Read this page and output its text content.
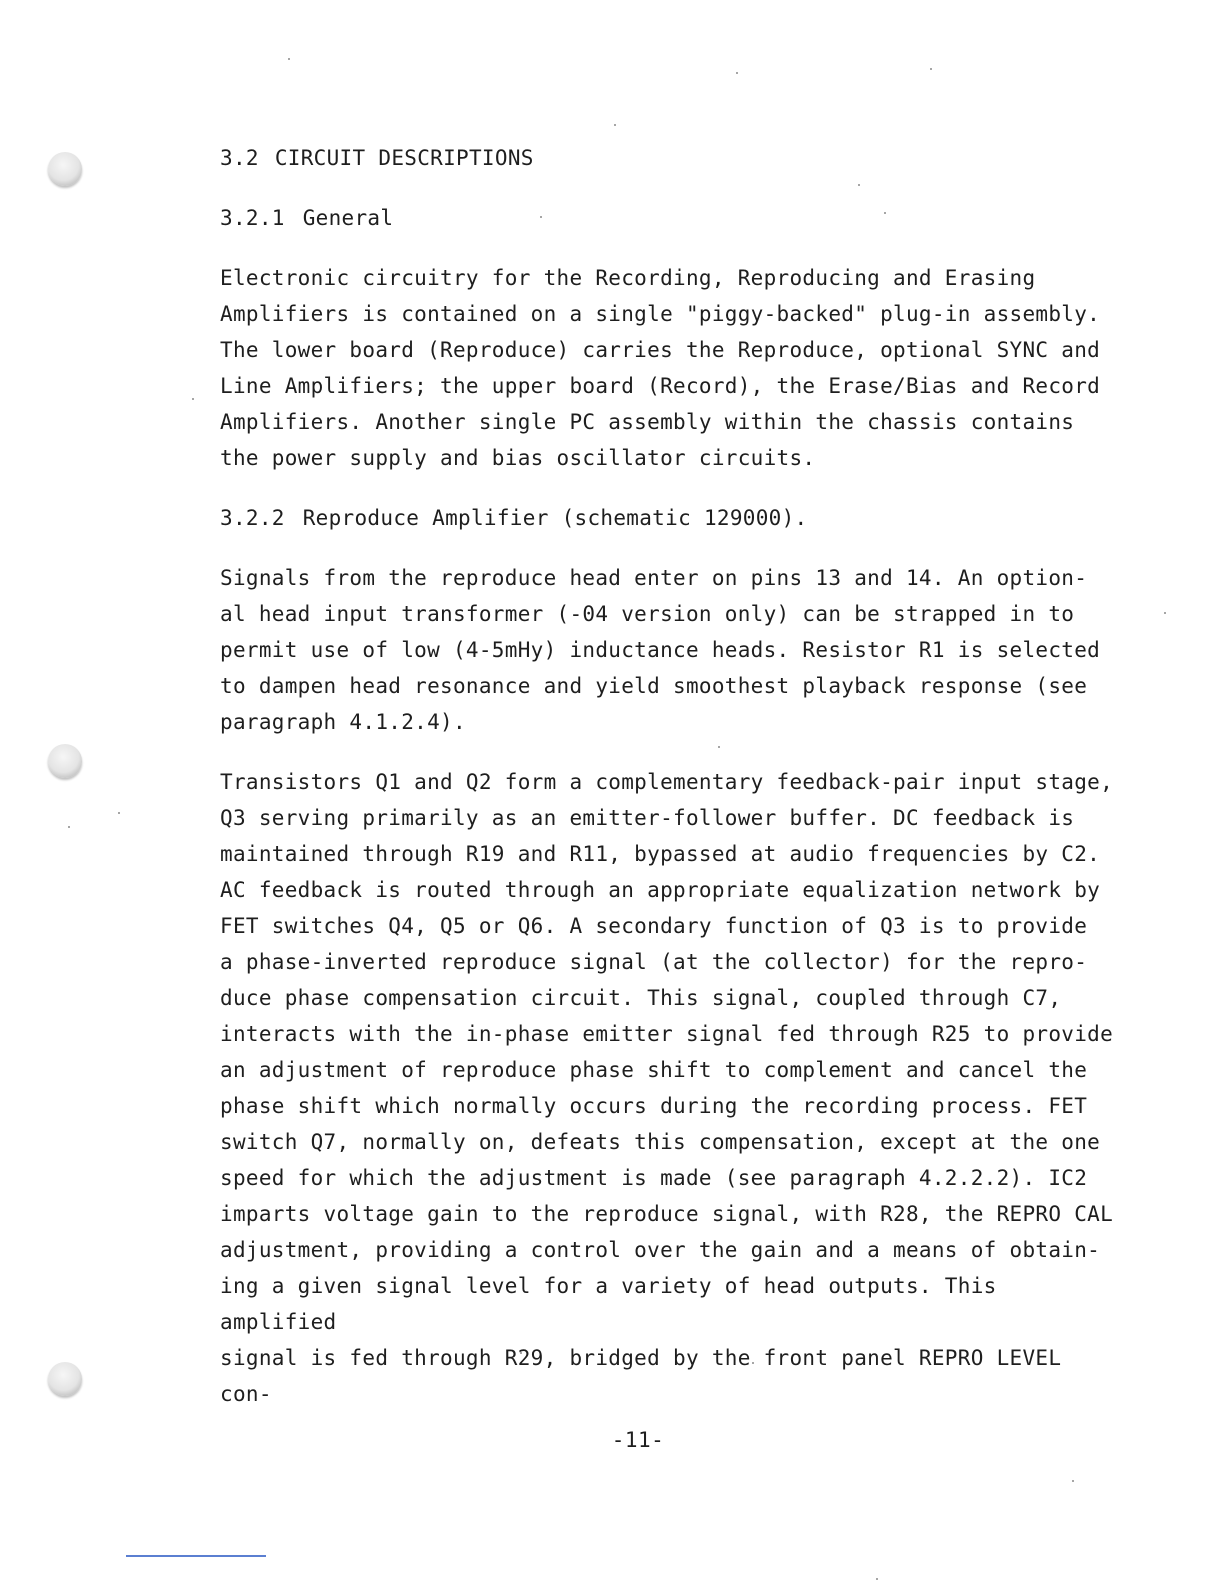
3.2 CIRCUIT DESCRIPTIONS

3.2.1 General

Electronic circuitry for the Recording, Reproducing and Erasing
Amplifiers is contained on a single "piggy-backed" plug-in assembly.
The lower board (Reproduce) carries the Reproduce, optional SYNC and
Line Amplifiers; the upper board (Record), the Erase/Bias and Record
Amplifiers. Another single PC assembly within the chassis contains
the power supply and bias oscillator circuits.

3.2.2 Reproduce Amplifier (schematic 129000).

Signals from the reproduce head enter on pins 13 and 14. An option-
al head input transformer (-04 version only) can be strapped in to
permit use of low (4-5mHy) inductance heads. Resistor R1 is selected
to dampen head resonance and yield smoothest playback response (see
paragraph 4.1.2.4).

Transistors Q1 and Q2 form a complementary feedback-pair input stage,
Q3 serving primarily as an emitter-follower buffer. DC feedback is
maintained through R19 and R11, bypassed at audio frequencies by C2.
AC feedback is routed through an appropriate equalization network by
FET switches Q4, Q5 or Q6. A secondary function of Q3 is to provide
a phase-inverted reproduce signal (at the collector) for the repro-
duce phase compensation circuit. This signal, coupled through C7,
interacts with the in-phase emitter signal fed through R25 to provide
an adjustment of reproduce phase shift to complement and cancel the
phase shift which normally occurs during the recording process. FET
switch Q7, normally on, defeats this compensation, except at the one
speed for which the adjustment is made (see paragraph 4.2.2.2). IC2
imparts voltage gain to the reproduce signal, with R28, the REPRO CAL
adjustment, providing a control over the gain and a means of obtain-
ing a given signal level for a variety of head outputs. This amplified
signal is fed through R29, bridged by the front panel REPRO LEVEL con-

-11-
